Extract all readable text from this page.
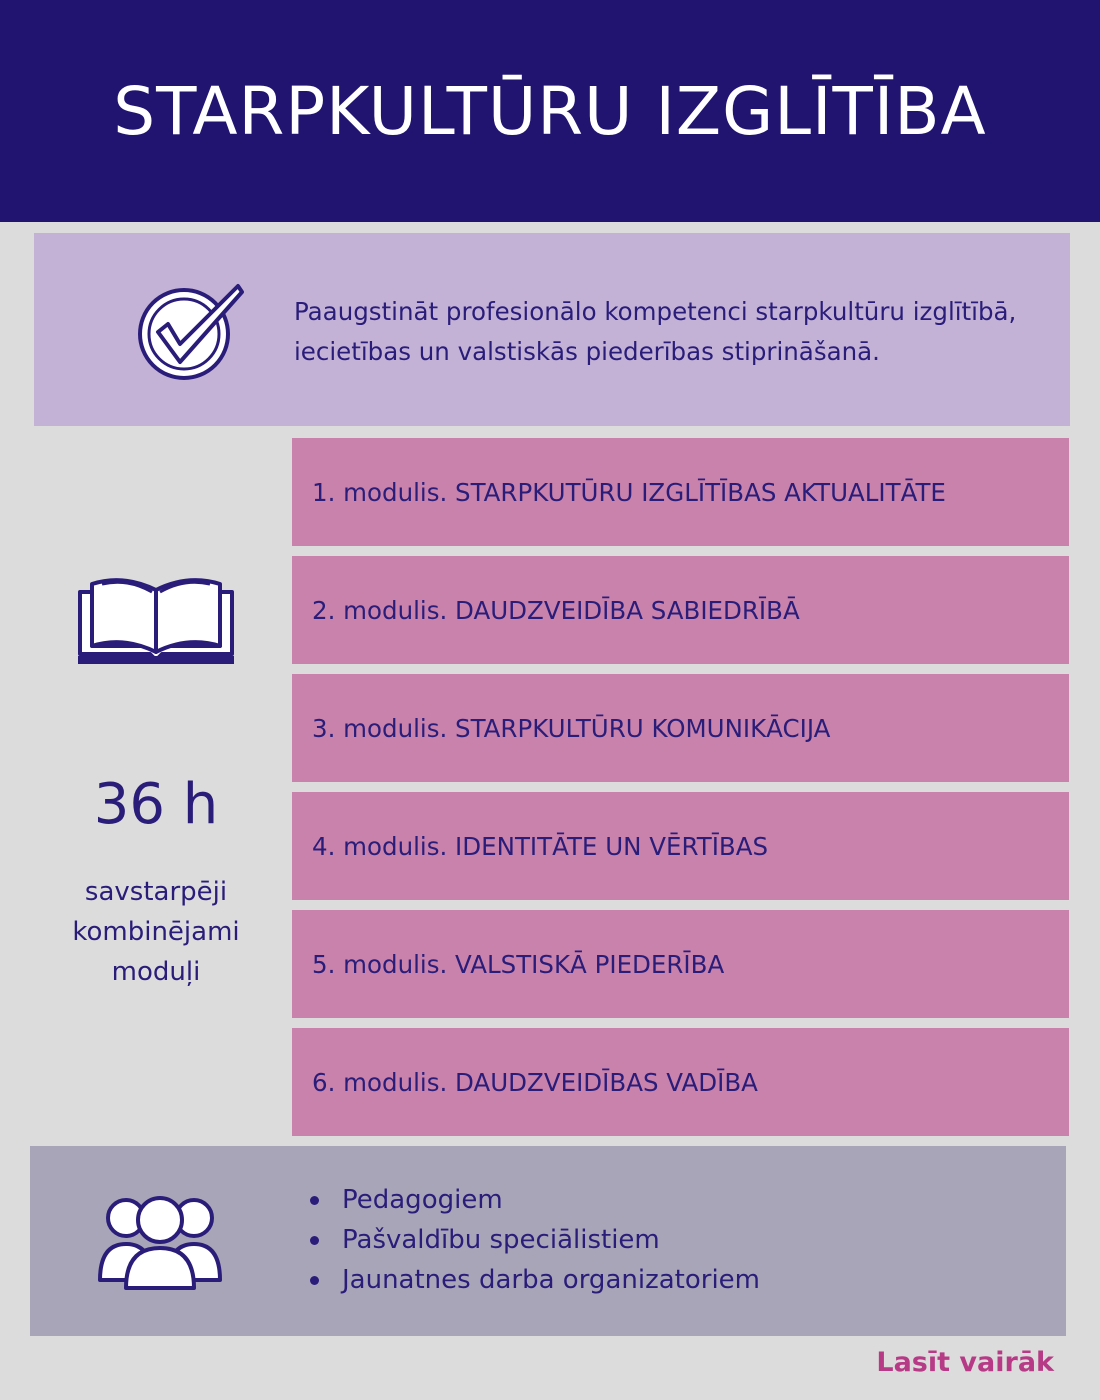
STARPKULTŪRU IZGLĪTĪBA

Paaugstināt profesionālo kompetenci starpkultūru izglītībā, iecietības un valstiskās piederības stiprināšanā.

36 h

savstarpēji kombinējami moduļi

1. modulis. STARPKUTŪRU IZGLĪTĪBAS AKTUALITĀTE
2. modulis. DAUDZVEIDĪBA SABIEDRĪBĀ
3. modulis. STARPKULTŪRU KOMUNIKĀCIJA
4. modulis. IDENTITĀTE UN VĒRTĪBAS
5. modulis. VALSTISKĀ PIEDERĪBA
6. modulis. DAUDZVEIDĪBAS VADĪBA
Pedagogiem
Pašvaldību speciālistiem
Jaunatnes darba organizatoriem
Lasīt vairāk
